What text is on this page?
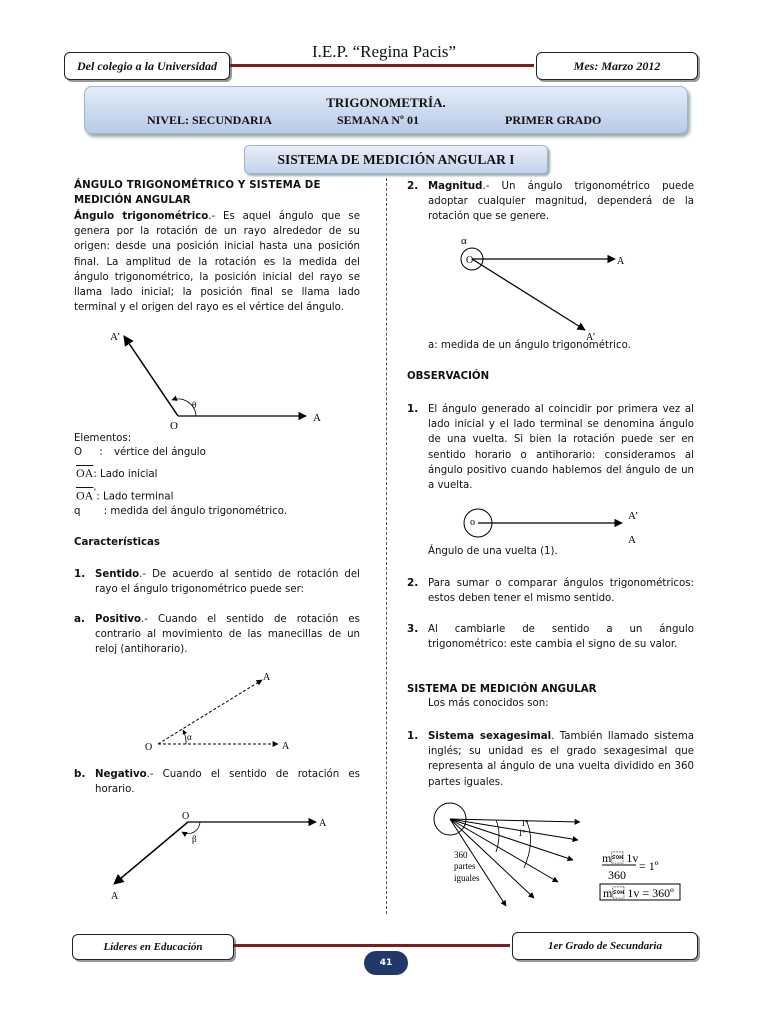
I.E.P. “Regina Pacis”
Del colegio a la Universidad	Mes: Marzo 2012
TRIGONOMETRÍA.
NIVEL: SECUNDARIA	SEMANA Nº 01	PRIMER GRADO
SISTEMA DE MEDICIÓN ANGULAR I
ÁNGULO TRIGONOMÉTRICO Y SISTEMA DE
MEDICIÓN ANGULAR

Ángulo trigonométrico.- Es aquel ángulo que se genera por la rotación de un rayo alrededor de su origen: desde una posición inicial hasta una posición final. La amplitud de la rotación es la medida del ángulo trigonométrico, la posición inicial del rayo se llama lado inicial; la posición final se llama lado terminal y el origen del rayo es el vértice del ángulo.

A’
θ
O
A
Elementos:
O : vértice del ángulo
$\overline{OA}$: Lado inicial
$\overline{OA}$’: Lado terminal
q : medida del ángulo trigonométrico.
Características
1. Sentido.- De acuerdo al sentido de rotación del rayo el ángulo trigonométrico puede ser:

a. Positivo.- Cuando el sentido de rotación es contrario al movimiento de las manecillas de un reloj (antihorario).

A
α
O	A
b. Negativo.- Cuando el sentido de rotación es horario.

O
β
A
A
2. Magnitud.- Un ángulo trigonométrico puede adoptar cualquier magnitud, dependerá de la rotación que se genere.

α
O	A
A’
a: medida de un ángulo trigonométrico.
OBSERVACIÓN
1. El ángulo generado al coincidir por primera vez al lado inicial y el lado terminal se denomina ángulo de una vuelta. Si bien la rotación puede ser en sentido horario o antihorario: consideramos al ángulo positivo cuando hablemos del ángulo de un a vuelta.

o
A’
A
Ángulo de una vuelta (1).
2. Para sumar o comparar ángulos trigonométricos: estos deben tener el mismo sentido.

3. Al cambiarle de sentido a un ángulo trigonométrico: este cambia el signo de su valor.

SISTEMA DE MEDICIÓN ANGULAR
Los más conocidos son:
1. Sistema sexagesimal. También llamado sistema inglés; su unidad es el grado sexagesimal que representa al ángulo de una vuelta dividido en 360 partes iguales.

1º
1º
360
partes
iguales
m 1v
360
= 1º
m 1v = 360º
Líderes en Educación	1er Grado de Secundaria
41
